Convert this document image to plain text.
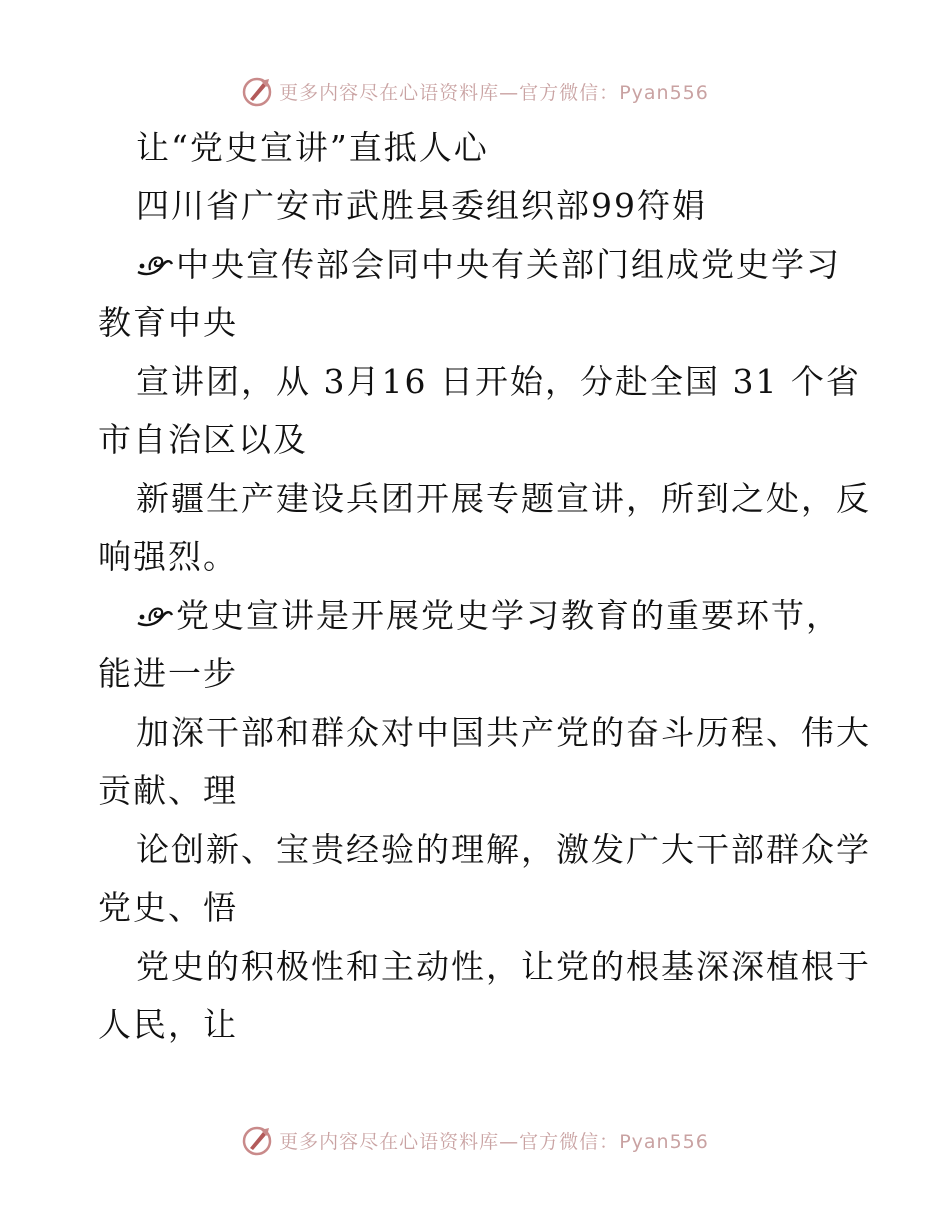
更多内容尽在心语资料库—官方微信：Pyan556
让“党史宣讲”直抵人心
四川省广安市武胜县委组织部99符娟
中央宣传部会同中央有关部门组成党史学习
教育中央
宣讲团，从 3月16 日开始，分赴全国 31 个省
市自治区以及
新疆生产建设兵团开展专题宣讲，所到之处，反
响强烈。
党史宣讲是开展党史学习教育的重要环节，
能进一步
加深干部和群众对中国共产党的奋斗历程、伟大
贡献、理
论创新、宝贵经验的理解，激发广大干部群众学
党史、悟
党史的积极性和主动性，让党的根基深深植根于
人民，让
更多内容尽在心语资料库—官方微信：Pyan556
